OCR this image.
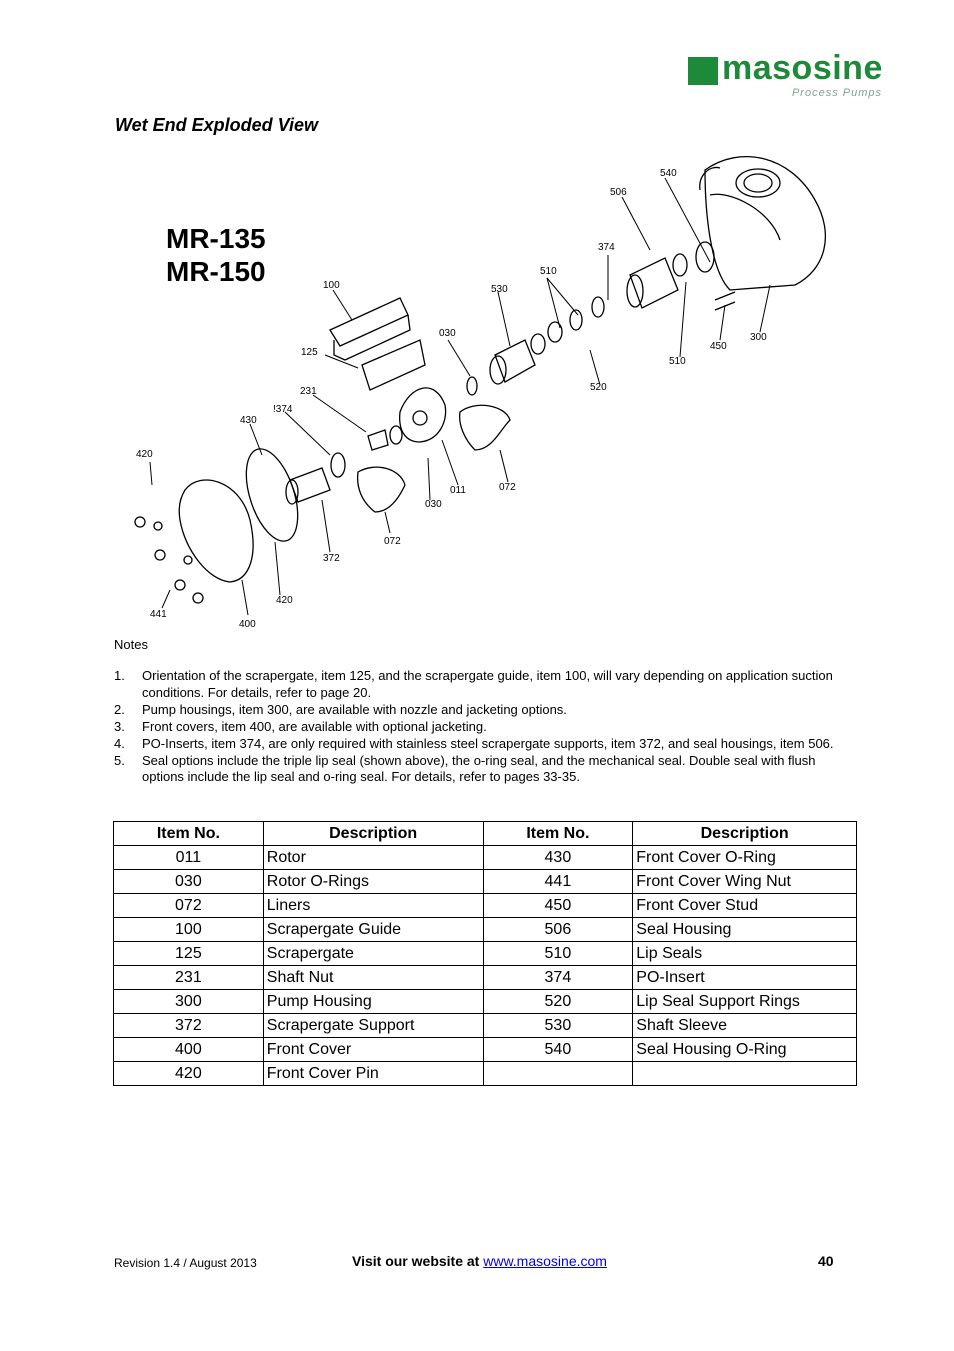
masosine
Process Pumps
Wet End Exploded View
MR-135
MR-150
540
506
374
510
530
100
030
125
231
!374
430
420
520
510
450
300
011	072
030
072
372
441
420
400
Notes
1.	Orientation of the scrapergate, item 125, and the scrapergate guide, item 100, will vary depending on application suction conditions. For details, refer to page 20.
2.	Pump housings, item 300, are available with nozzle and jacketing options.
3.	Front covers, item 400, are available with optional jacketing.
4.	PO-Inserts, item 374, are only required with stainless steel scrapergate supports, item 372, and seal housings, item 506.
5.	Seal options include the triple lip seal (shown above), the o-ring seal, and the mechanical seal. Double seal with flush options include the lip seal and o-ring seal. For details, refer to pages 33-35.
Item No.	Description	Item No.	Description
011	Rotor	430	Front Cover O-Ring
030	Rotor O-Rings	441	Front Cover Wing Nut
072	Liners	450	Front Cover Stud
100	Scrapergate Guide	506	Seal Housing
125	Scrapergate	510	Lip Seals
231	Shaft Nut	374	PO-Insert
300	Pump Housing	520	Lip Seal Support Rings
372	Scrapergate Support	530	Shaft Sleeve
400	Front Cover	540	Seal Housing O-Ring
420	Front Cover Pin		
Revision 1.4 / August 2013	Visit our website at www.masosine.com	40
